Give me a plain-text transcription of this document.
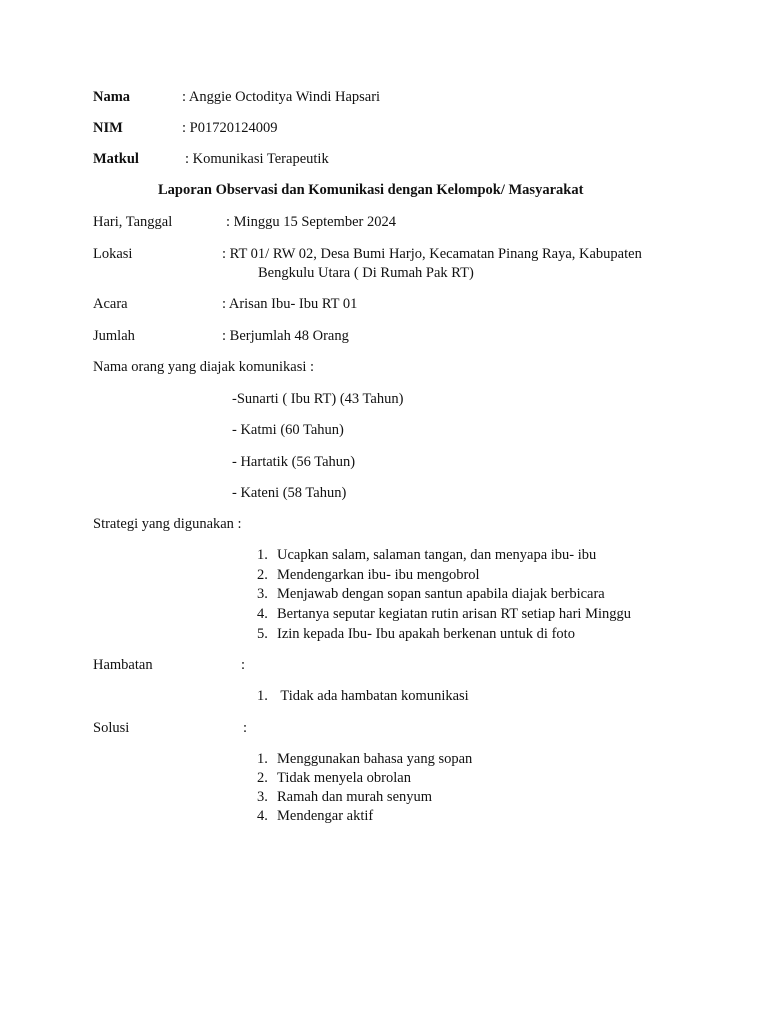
Nama	: Anggie Octoditya Windi Hapsari
NIM	: P01720124009
Matkul	: Komunikasi Terapeutik
Laporan Observasi dan Komunikasi dengan Kelompok/ Masyarakat
Hari, Tanggal	: Minggu 15 September 2024
Lokasi	: RT 01/ RW 02, Desa Bumi Harjo, Kecamatan Pinang Raya, Kabupaten
Bengkulu Utara ( Di Rumah Pak RT)
Acara	: Arisan Ibu- Ibu RT 01
Jumlah	: Berjumlah 48 Orang
Nama orang yang diajak komunikasi :
-Sunarti ( Ibu RT) (43 Tahun)
- Katmi (60 Tahun)
- Hartatik (56 Tahun)
- Kateni (58 Tahun)
Strategi yang digunakan :
1. Ucapkan salam, salaman tangan, dan menyapa ibu- ibu
2. Mendengarkan ibu- ibu mengobrol
3. Menjawab dengan sopan santun apabila diajak berbicara
4. Bertanya seputar kegiatan rutin arisan RT setiap hari Minggu
5. Izin kepada Ibu- Ibu apakah berkenan untuk di foto
Hambatan	:
1. Tidak ada hambatan komunikasi
Solusi	:
1. Menggunakan bahasa yang sopan
2. Tidak menyela obrolan
3. Ramah dan murah senyum
4. Mendengar aktif
